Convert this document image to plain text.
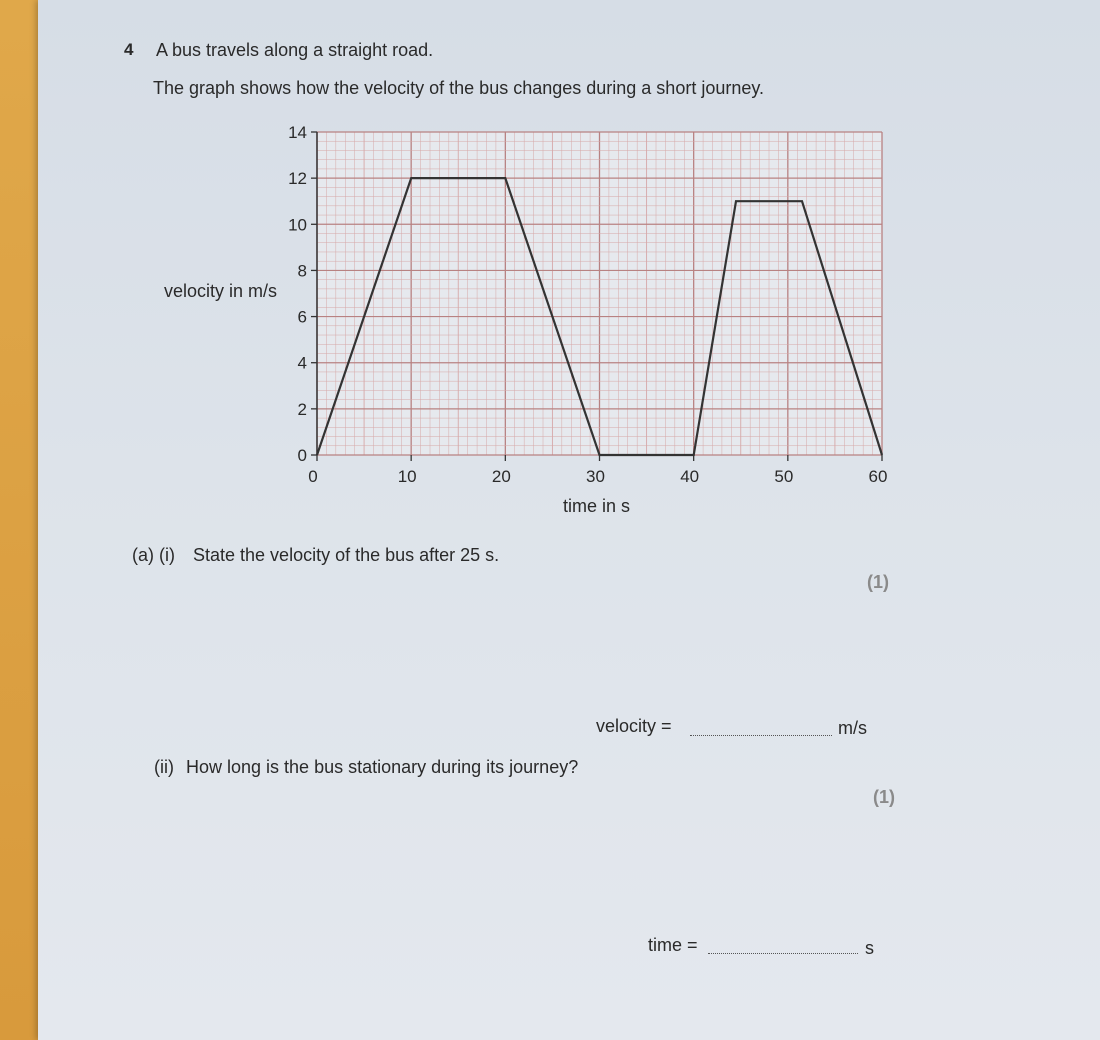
4 A bus travels along a straight road.
The graph shows how the velocity of the bus changes during a short journey.
velocity in m/s
time in s
0
2
4
6
8
10
12
14
0	10	20	30	40	50	60
(a) (i) State the velocity of the bus after 25 s.
(1)
velocity =	m/s
(ii) How long is the bus stationary during its journey?
(1)
time =	s
